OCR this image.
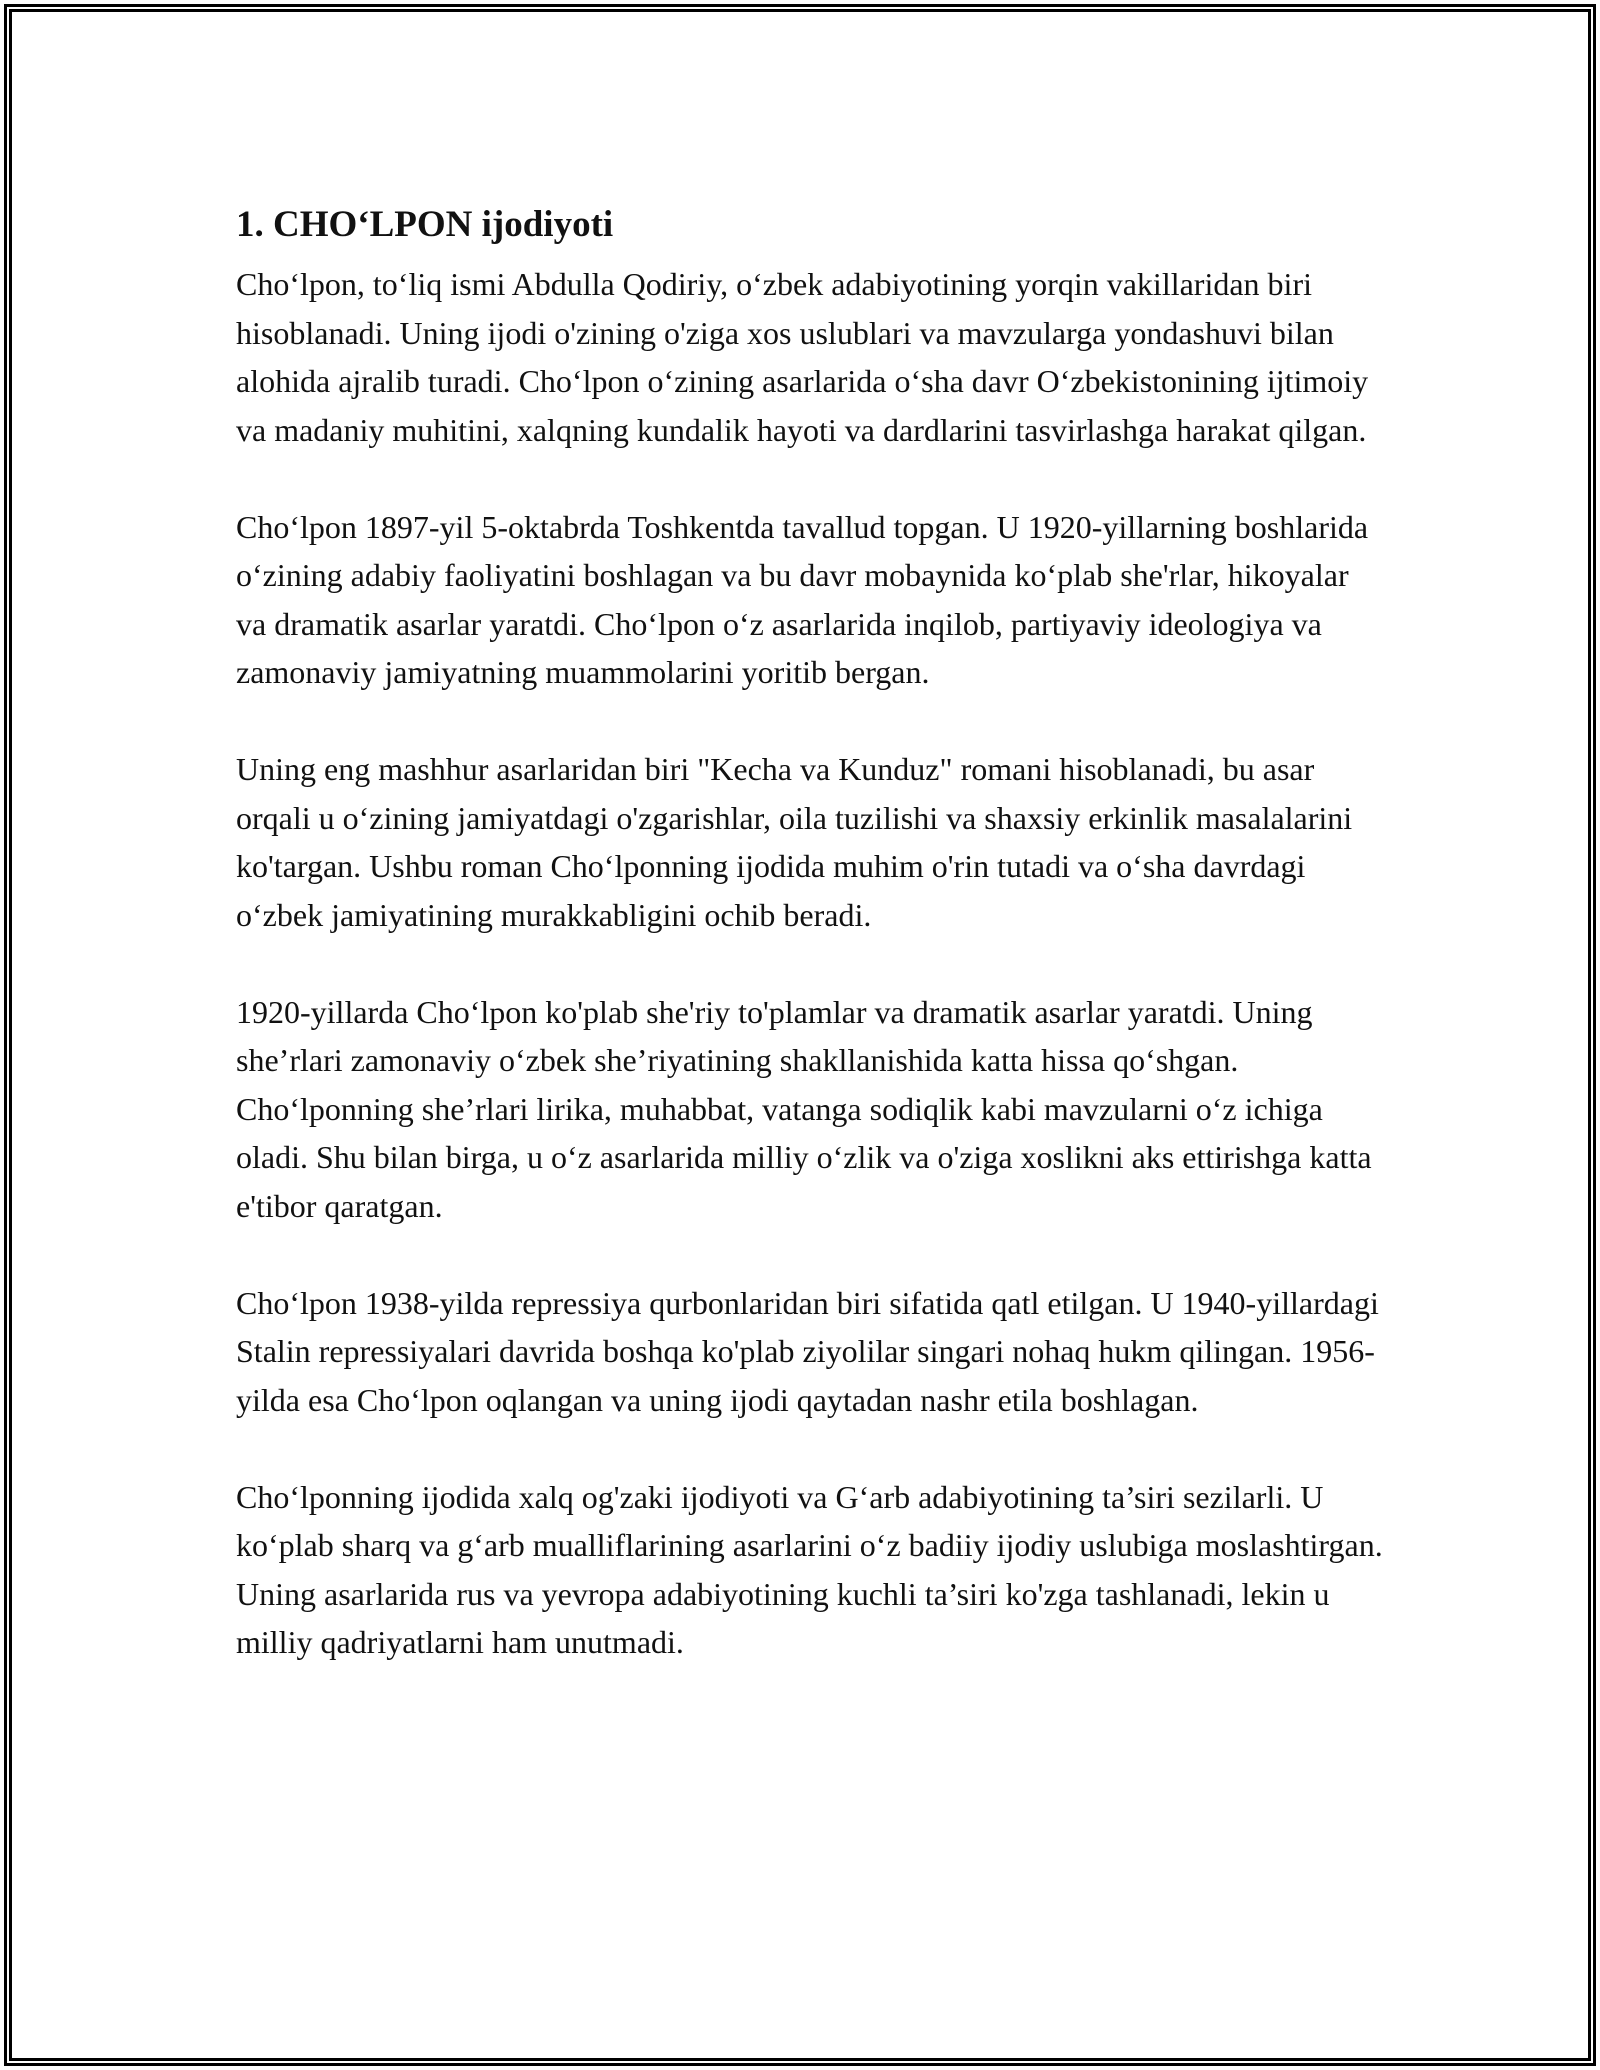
1. CHO‘LPON ijodiyoti

Cho‘lpon, to‘liq ismi Abdulla Qodiriy, o‘zbek adabiyotining yorqin vakillaridan biri hisoblanadi. Uning ijodi o'zining o'ziga xos uslublari va mavzularga yondashuvi bilan alohida ajralib turadi. Cho‘lpon o‘zining asarlarida o‘sha davr O‘zbekistonining ijtimoiy va madaniy muhitini, xalqning kundalik hayoti va dardlarini tasvirlashga harakat qilgan.

Cho‘lpon 1897-yil 5-oktabrda Toshkentda tavallud topgan. U 1920-yillarning boshlarida o‘zining adabiy faoliyatini boshlagan va bu davr mobaynida ko‘plab she'rlar, hikoyalar va dramatik asarlar yaratdi. Cho‘lpon o‘z asarlarida inqilob, partiyaviy ideologiya va zamonaviy jamiyatning muammolarini yoritib bergan.

Uning eng mashhur asarlaridan biri "Kecha va Kunduz" romani hisoblanadi, bu asar orqali u o‘zining jamiyatdagi o'zgarishlar, oila tuzilishi va shaxsiy erkinlik masalalarini ko'targan. Ushbu roman Cho‘lponning ijodida muhim o'rin tutadi va o‘sha davrdagi o‘zbek jamiyatining murakkabligini ochib beradi.

1920-yillarda Cho‘lpon ko'plab she'riy to'plamlar va dramatik asarlar yaratdi. Uning she’rlari zamonaviy o‘zbek she’riyatining shakllanishida katta hissa qo‘shgan. Cho‘lponning she’rlari lirika, muhabbat, vatanga sodiqlik kabi mavzularni o‘z ichiga oladi. Shu bilan birga, u o‘z asarlarida milliy o‘zlik va o'ziga xoslikni aks ettirishga katta e'tibor qaratgan.

Cho‘lpon 1938-yilda repressiya qurbonlaridan biri sifatida qatl etilgan. U 1940-yillardagi Stalin repressiyalari davrida boshqa ko'plab ziyolilar singari nohaq hukm qilingan. 1956-yilda esa Cho‘lpon oqlangan va uning ijodi qaytadan nashr etila boshlagan.

Cho‘lponning ijodida xalq og'zaki ijodiyoti va G‘arb adabiyotining ta’siri sezilarli. U ko‘plab sharq va g‘arb mualliflarining asarlarini o‘z badiiy ijodiy uslubiga moslashtirgan. Uning asarlarida rus va yevropa adabiyotining kuchli ta’siri ko'zga tashlanadi, lekin u milliy qadriyatlarni ham unutmadi.
